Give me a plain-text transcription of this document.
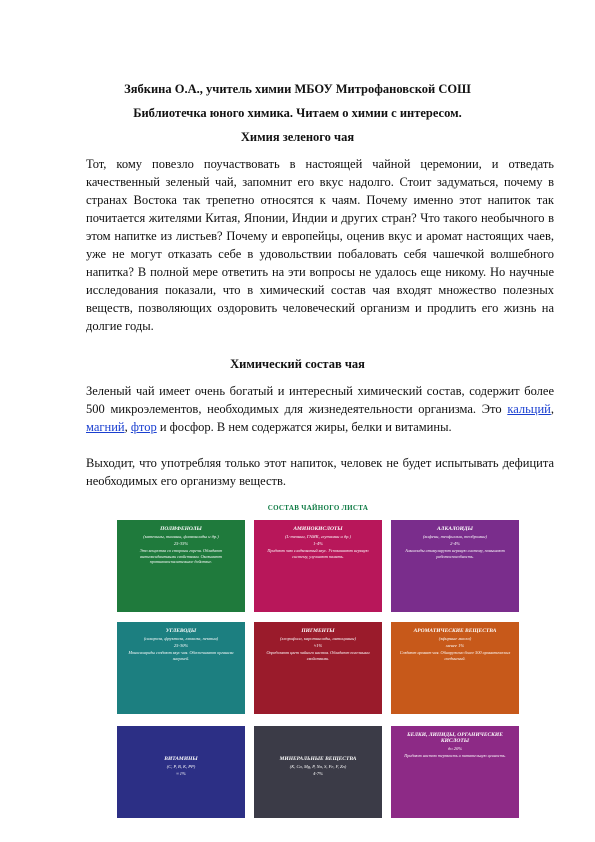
Зябкина О.А., учитель химии МБОУ Митрофановской СОШ
Библиотечка юного химика. Читаем о химии с интересом.
Химия зеленого чая

Тот, кому повезло поучаствовать в настоящей чайной церемонии, и отведать качественный зеленый чай, запомнит его вкус надолго. Стоит задуматься, почему в странах Востока так трепетно относятся к чаям. Почему именно этот напиток так почитается жителями Китая, Японии, Индии и других стран? Что такого необычного в этом напитке из листьев? Почему и европейцы, оценив вкус и аромат настоящих чаев, уже не могут отказать себе в удовольствии побаловать себя чашечкой волшебного напитка? В полной мере ответить на эти вопросы не удалось еще никому. Но научные исследования показали, что в химический состав чая входят множество полезных веществ, позволяющих оздоровить человеческий организм и продлить его жизнь на долгие годы.

Химический состав чая

Зеленый чай имеет очень богатый и интересный химический состав, содержит более 500 микроэлементов, необходимых для жизнедеятельности организма. Это кальций, магний, фтор и фосфор. В нем содержатся жиры, белки и витамины.

Выходит, что употребляя только этот напиток, человек не будет испытывать дефицита необходимых его организму веществ.

СОСТАВ ЧАЙНОГО ЛИСТА
ПОЛИФЕНОЛЫ
(катехины, танины, флавоноиды и др.)
25-35%
Это вещества со стороны горечи. Обладают антиоксидантными свойствами. Оказывают противовоспалительное действие.
АМИНОКИСЛОТЫ
(L-теанин, ГАМК, глутамин и др.)
1-4%
Придают чаю сладковатый вкус. Успокаивают нервную систему, улучшают память.
АЛКАЛОИДЫ
(кофеин, теофиллин, теобромин)
2-4%
Алкалоиды стимулируют нервную систему, повышают работоспособность.
УГЛЕВОДЫ
(сахароза, фруктоза, глюкоза, пектин)
25-30%
Моносахариды создают вкус чая. Обеспечивают организм энергией.
ПИГМЕНТЫ
(хлорофилл, каротиноиды, антоцианы)
≈1%
Определяют цвет чайного настоя. Обладают полезными свойствами.
АРОМАТИЧЕСКИЕ ВЕЩЕСТВА
(эфирные масла)
менее 1%
Создают аромат чая. Обнаружено более 500 ароматических соединений.
ВИТАМИНЫ
(C, P, B, K, PP)
≈ 1%
МИНЕРАЛЬНЫЕ ВЕЩЕСТВА
(K, Ca, Mg, P, Na, S, Fe, F, Zn)
4-7%
БЕЛКИ, ЛИПИДЫ, ОРГАНИЧЕСКИЕ КИСЛОТЫ
до 20%
Придают настою терпкость и питательную ценность.
